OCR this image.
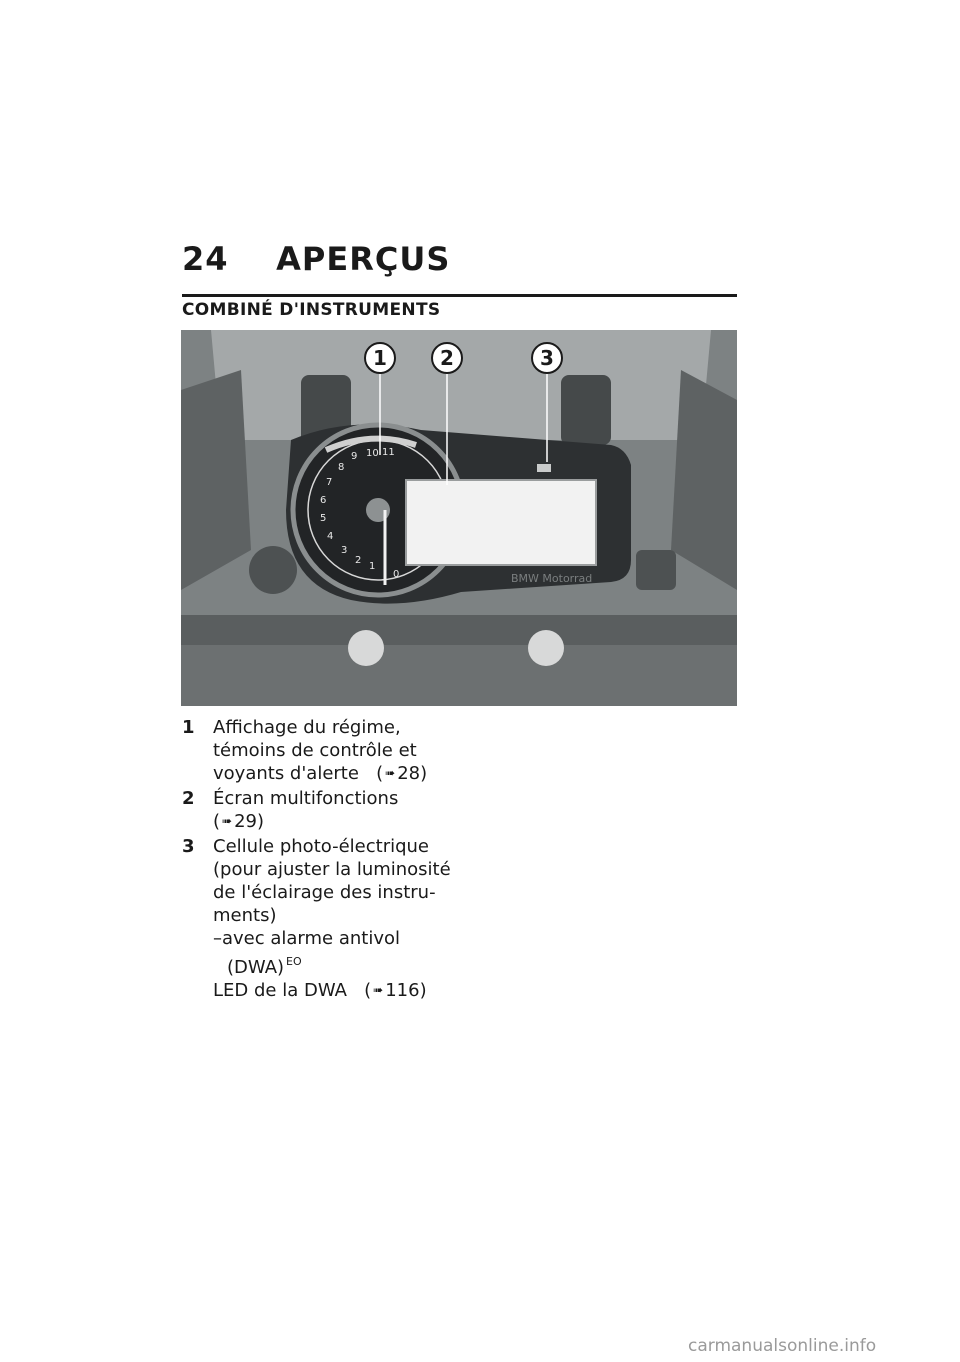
24 APERÇUS
COMBINÉ D'INSTRUMENTS
0
1
2
3
4
5
6
7
8
9 10 11
BMW Motorrad
1	2	3
1	Affichage du régime,
témoins de contrôle et
voyants d'alerte ( ➠ 28)
2	Écran multifonctions
( ➠ 29)
3	Cellule photo-électrique
(pour ajuster la luminosité
de l'éclairage des instru-
ments)
–avec alarme antivol
(DWA) $^{EO}$
LED de la DWA ( ➠ 116)
carmanualsonline.info
